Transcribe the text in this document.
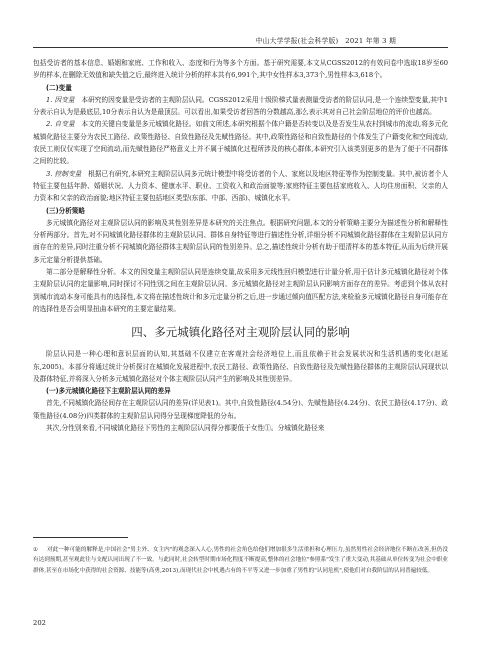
中山大学学报(社会科学版)　2021 年第 3 期

包括受访者的基本信息、婚姻和家庭、工作和收入、态度和行为等多个方面。基于研究需要,本文从CGSS2012的有效问卷中选取18岁至60岁的样本,在删除无效值和缺失值之后,最终进入统计分析的样本共有6,991个,其中女性样本3,373个,男性样本3,618个。

(二)变量

1. 因变量　 本研究的因变量是受访者的主观阶层认同。CGSS2012采用十级阶梯式量表测量受访者的阶层认同,是一个连续型变量,其中1分表示自认为是最底层,10分表示自认为是最顶层。可以看出,如果受访者回答的分数越高,那么表示其对自己社会阶层地位的评价也越高。

2. 自变量　 本文的关键自变量是多元城镇化路径。如前文所述,本研究根据个体户籍是否转变以及是否发生从农村到城市的流动,将多元化城镇化路径主要分为农民工路径、政策性路径、自致性路径及先赋性路径。其中,政策性路径和自致性路径的个体发生了户籍变化和空间流动,农民工则仅仅实现了空间流动,而先赋性路径严格意义上并不属于城镇化过程所涉及的核心群体,本研究引入该类别更多的是为了便于不同群体之间的比较。

3. 控制变量　 根据已有研究,本研究主观阶层认同多元统计模型中将受访者的个人、家庭以及地区特征等作为控制变量。其中,被访者个人特征主要包括年龄、婚姻状况、人力资本、健康水平、职业、工资收入和政治面貌等;家庭特征主要包括家庭收入、人均住房面积、父亲的人力资本和父亲的政治面貌;地区特征主要包括地区类型(东部、中部、西部)、城镇化水平。

(三)分析策略

多元城镇化路径对主观阶层认同的影响及其性别差异是本研究的关注焦点。根据研究问题,本文的分析策略主要分为描述性分析和解释性分析两部分。首先,对不同城镇化路径群体的主观阶层认同、群体自身特征等进行描述性分析,详细分析不同城镇化路径群体在主观阶层认同方面存在的差异,同时注重分析不同城镇化路径群体主观阶层认同的性别差异。总之,描述性统计分析有助于厘清样本的基本特征,从而为后续开展多元定量分析提供基础。

第二部分是解释性分析。本文的因变量主观阶层认同是连续变量,故采用多元线性回归模型进行计量分析,用于估计多元城镇化路径对个体主观阶层认同的定量影响,同时探讨不同性别之间在主观阶层认同、多元城镇化路径对主观阶层认同影响方面存在的差异。考虑到个体从农村到城市流动本身可能具有的选择性,本文将在描述性统计和多元定量分析之后,进一步通过倾向值匹配方法,来检验多元城镇化路径自身可能存在的选择性是否会明显扭曲本研究的主要定量结果。

四、多元城镇化路径对主观阶层认同的影响

阶层认同是一种心理和意识层面的认知,其基础不仅建立在客观社会经济地位上,而且依赖于社会发展状况和生活机遇的变化(赵延东,2005)。本部分将通过统计分析探讨在城镇化发展进程中,农民工路径、政策性路径、自致性路径及先赋性路径群体的主观阶层认同现状以及群体特征,并将深入分析多元城镇化路径对个体主观阶层认同产生的影响及其性别差异。

(一)多元城镇化路径下主观阶层认同的差异

首先,不同城镇化路径间存在主观阶层认同的差异(详见表1)。其中,自致性路径(4.54分)、先赋性路径(4.24分)、农民工路径(4.17分)、政策性路径(4.08分)四类群体的主观阶层认同得分呈现梯度降低的分布。

其次,分性别来看,不同城镇化路径下男性的主观阶层认同得分都要低于女性①。分城镇化路径来

① 对此一种可能的解释是,中国社会"男主外、女主内"的观念深入人心,男性的社会角色给他们增加很多生活重担和心理压力,虽然男性社会经济地位不断在改善,但仍没有达到预期,甚至观此往与支配认同出现了不一致。与此同时,社会转型时期市场化程度不断提高,整体的社会地位"参照系"发生了重大变动,其基础从单位转变为社会中职业群体,甚至在市场化中获得的社会资源、技能等(高勇,2013),而现代社会中机遇占有的不平等又进一步加重了男性的"认同危机",使他们对自我阶层的认同普遍较低。
202
